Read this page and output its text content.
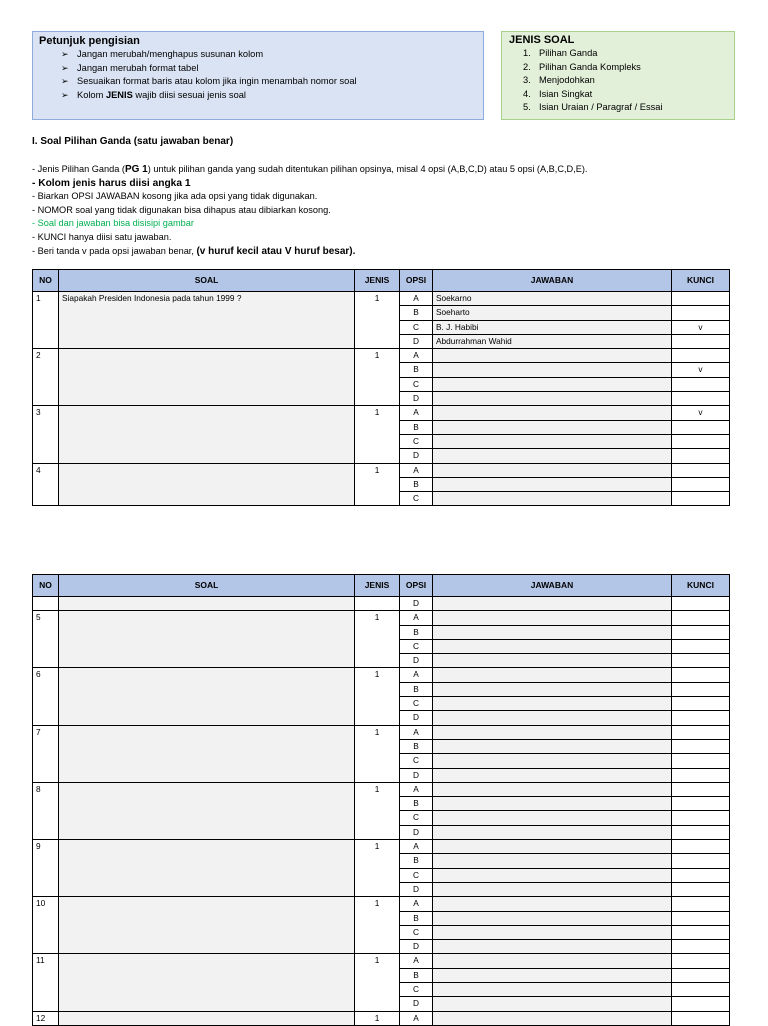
Petunjuk pengisian
➢ Jangan merubah/menghapus susunan kolom
➢ Jangan merubah format tabel
➢ Sesuaikan format baris atau kolom jika ingin menambah nomor soal
➢ Kolom JENIS wajib diisi sesuai jenis soal
JENIS SOAL
1. Pilihan Ganda
2. Pilihan Ganda Kompleks
3. Menjodohkan
4. Isian Singkat
5. Isian Uraian / Paragraf / Essai
I. Soal Pilihan Ganda (satu jawaban benar)
- Jenis Pilihan Ganda (PG 1) untuk pilihan ganda yang sudah ditentukan pilihan opsinya, misal 4 opsi (A,B,C,D) atau 5 opsi (A,B,C,D,E).
- Kolom jenis harus diisi angka 1
- Biarkan OPSI JAWABAN kosong jika ada opsi yang tidak digunakan.
- NOMOR soal yang tidak digunakan bisa dihapus atau dibiarkan kosong.
- Soal dan jawaban bisa disisipi gambar
- KUNCI hanya diisi satu jawaban.
- Beri tanda v pada opsi jawaban benar, (v huruf kecil atau V huruf besar).
NO	SOAL	JENIS	OPSI	JAWABAN	KUNCI
1	Siapakah Presiden Indonesia pada tahun 1999 ?	1	A	Soekarno	
			B	Soeharto	
			C	B. J. Habibi	v
			D	Abdurrahman Wahid	
2		1	A		
			B		v
			C		
			D		
3		1	A		v
			B		
			C		
			D		
4		1	A		
			B		
			C		
NO	SOAL	JENIS	OPSI	JAWABAN	KUNCI
			D		
5		1	A		
			B		
			C		
			D		
6		1	A		
			B		
			C		
			D		
7		1	A		
			B		
			C		
			D		
8		1	A		
			B		
			C		
			D		
9		1	A		
			B		
			C		
			D		
10		1	A		
			B		
			C		
			D		
11		1	A		
			B		
			C		
			D		
12		1	A		
